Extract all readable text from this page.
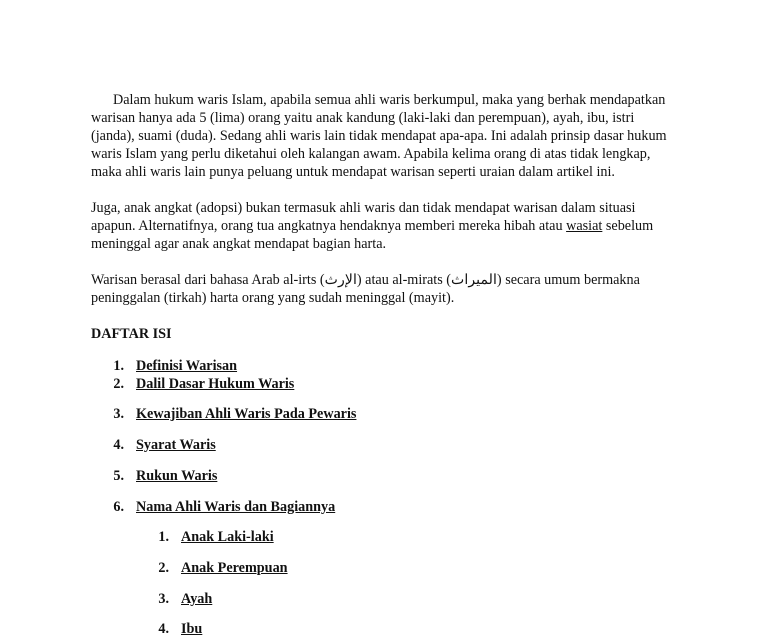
Dalam hukum waris Islam, apabila semua ahli waris berkumpul, maka yang berhak mendapatkan warisan hanya ada 5 (lima) orang yaitu anak kandung (laki-laki dan perempuan), ayah, ibu, istri (janda), suami (duda). Sedang ahli waris lain tidak mendapat apa-apa. Ini adalah prinsip dasar hukum waris Islam yang perlu diketahui oleh kalangan awam. Apabila kelima orang di atas tidak lengkap, maka ahli waris lain punya peluang untuk mendapat warisan seperti uraian dalam artikel ini.

Juga, anak angkat (adopsi) bukan termasuk ahli waris dan tidak mendapat warisan dalam situasi apapun. Alternatifnya, orang tua angkatnya hendaknya memberi mereka hibah atau wasiat sebelum meninggal agar anak angkat mendapat bagian harta.

Warisan berasal dari bahasa Arab al-irts (الإرث) atau al-mirats (الميراث) secara umum bermakna peninggalan (tirkah) harta orang yang sudah meninggal (mayit).

DAFTAR ISI

1. Definisi Warisan
2. Dalil Dasar Hukum Waris
3. Kewajiban Ahli Waris Pada Pewaris
4. Syarat Waris
5. Rukun Waris
6. Nama Ahli Waris dan Bagiannya
1. Anak Laki-laki
2. Anak Perempuan
3. Ayah
4. Ibu
